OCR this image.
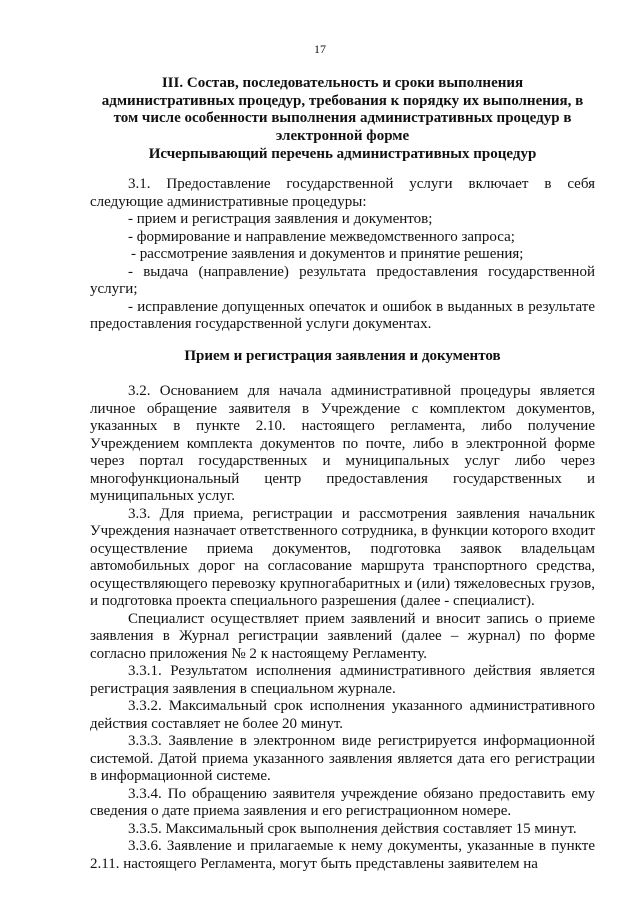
17
III. Состав, последовательность и сроки выполнения
административных процедур, требования к порядку их выполнения, в
том числе особенности выполнения административных процедур в
электронной форме
Исчерпывающий перечень административных процедур

3.1. Предоставление государственной услуги включает в себя следующие административные процедуры:

- прием и регистрация заявления и документов;

- формирование и направление межведомственного запроса;

- рассмотрение заявления и документов и принятие решения;

- выдача (направление) результата предоставления государственной услуги;

- исправление допущенных опечаток и ошибок в выданных в результате предоставления государственной услуги документах.

Прием и регистрация заявления и документов

3.2. Основанием для начала административной процедуры является личное обращение заявителя в Учреждение с комплектом документов, указанных в пункте 2.10. настоящего регламента, либо получение Учреждением комплекта документов по почте, либо в электронной форме через портал государственных и муниципальных услуг либо через многофункциональный центр предоставления государственных и муниципальных услуг.

3.3. Для приема, регистрации и рассмотрения заявления начальник Учреждения назначает ответственного сотрудника, в функции которого входит осуществление приема документов, подготовка заявок владельцам автомобильных дорог на согласование маршрута транспортного средства, осуществляющего перевозку крупногабаритных и (или) тяжеловесных грузов, и подготовка проекта специального разрешения (далее - специалист).

Специалист осуществляет прием заявлений и вносит запись о приеме заявления в Журнал регистрации заявлений (далее – журнал) по форме согласно приложения № 2 к настоящему Регламенту.

3.3.1. Результатом исполнения административного действия является регистрация заявления в специальном журнале.

3.3.2. Максимальный срок исполнения указанного административного действия составляет не более 20 минут.

3.3.3. Заявление в электронном виде регистрируется информационной системой. Датой приема указанного заявления является дата его регистрации в информационной системе.

3.3.4. По обращению заявителя учреждение обязано предоставить ему сведения о дате приема заявления и его регистрационном номере.

3.3.5. Максимальный срок выполнения действия составляет 15 минут.

3.3.6. Заявление и прилагаемые к нему документы, указанные в пункте 2.11. настоящего Регламента, могут быть представлены заявителем на
